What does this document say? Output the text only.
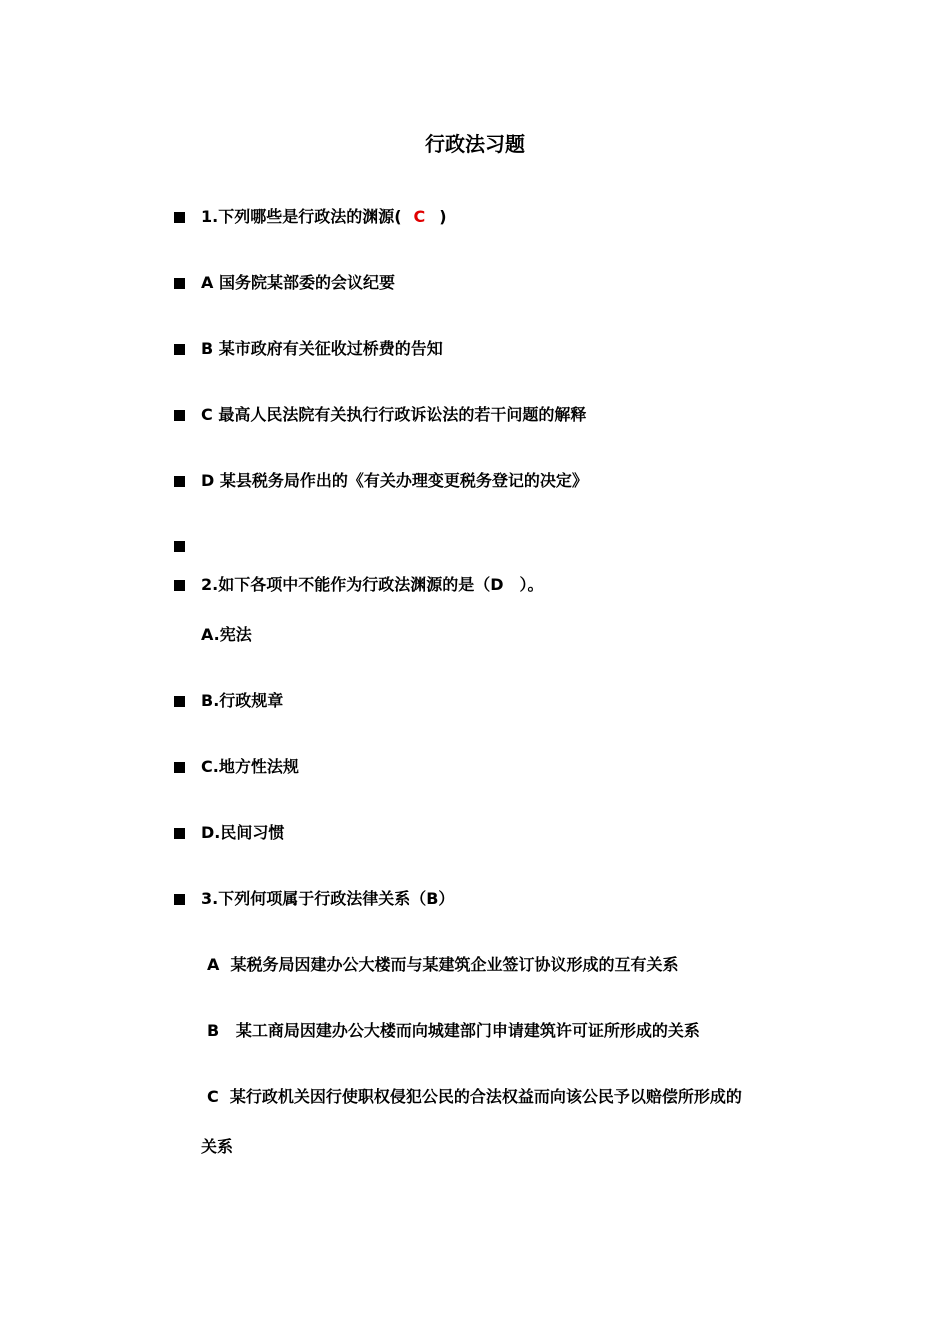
行政法习题
1.下列哪些是行政法的渊源( C )
A 国务院某部委的会议纪要
B 某市政府有关征收过桥费的告知
C 最高人民法院有关执行行政诉讼法的若干问题的解释
D 某县税务局作出的《有关办理变更税务登记的决定》
2.如下各项中不能作为行政法渊源的是（D　）。
A.宪法
B.行政规章
C.地方性法规
D.民间习惯
3.下列何项属于行政法律关系（B）
A  某税务局因建办公大楼而与某建筑企业签订协议形成的互有关系
B   某工商局因建办公大楼而向城建部门申请建筑许可证所形成的关系
C  某行政机关因行使职权侵犯公民的合法权益而向该公民予以赔偿所形成的
关系
